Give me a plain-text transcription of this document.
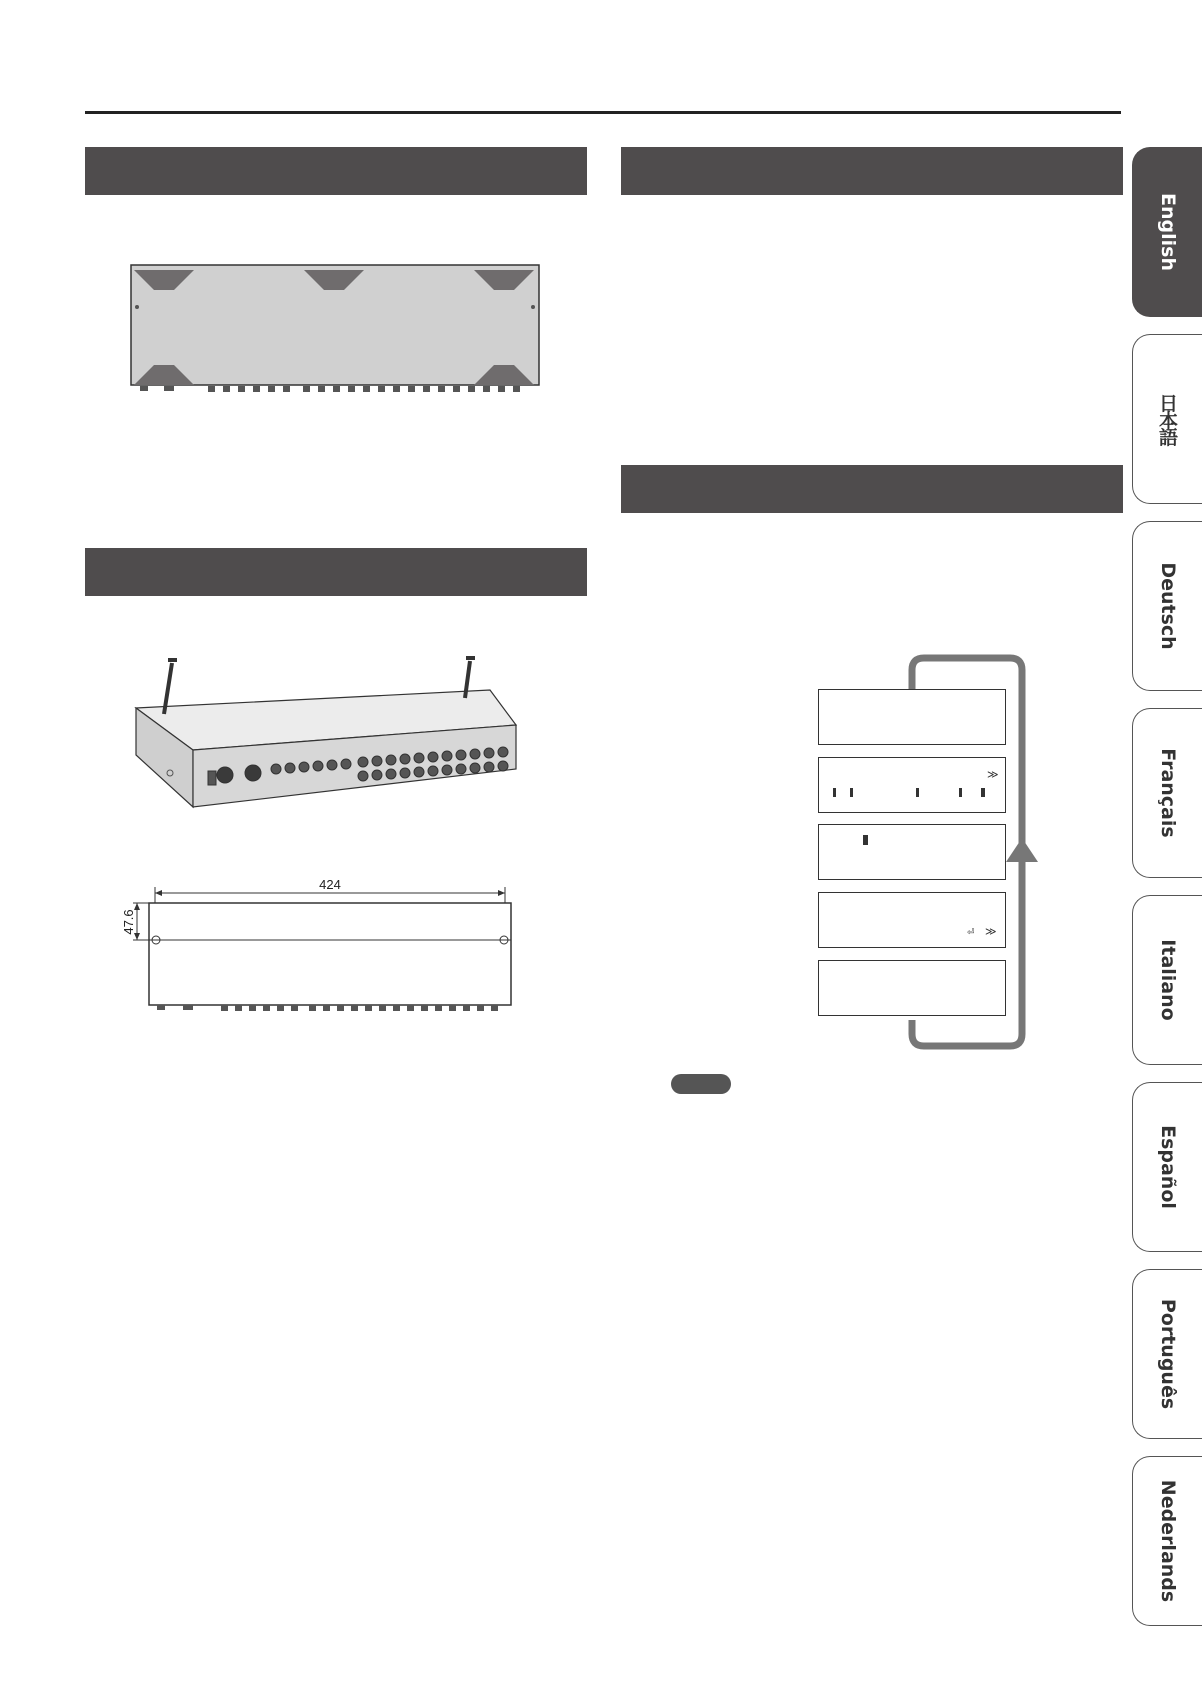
424
47.6
≫
⏎ ≫
English
日本語
Deutsch
Français
Italiano
Español
Português
Nederlands
